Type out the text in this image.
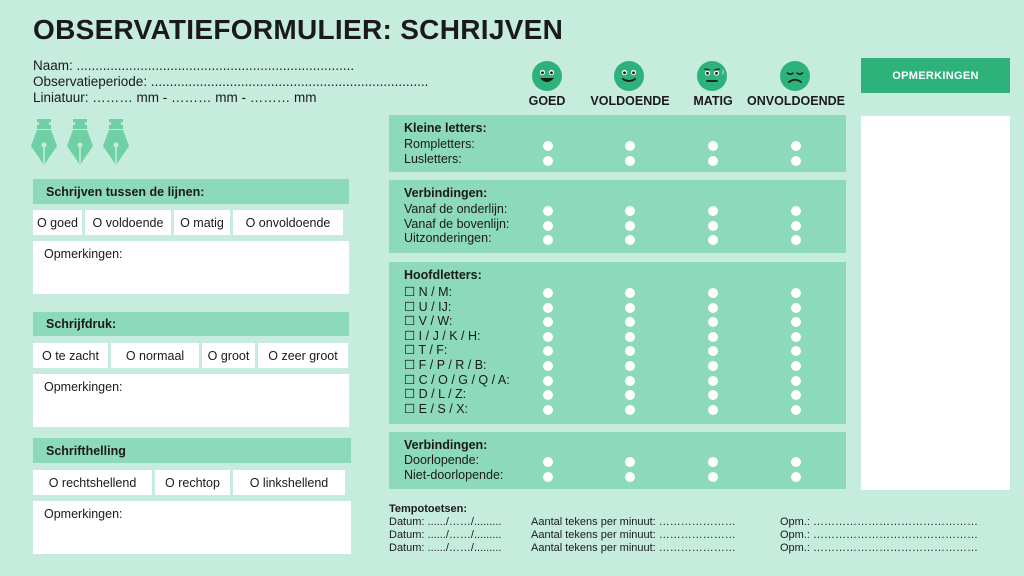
OBSERVATIEFORMULIER: SCHRIJVEN
Naam: ..........................................................................
Observatieperiode: ..........................................................................
Liniatuur: ……… mm - ……… mm - ……… mm
Schrijven tussen de lijnen:
O goed	O voldoende	O matig	O onvoldoende
Opmerkingen:
Schrijfdruk:
O te zacht	O normaal	O groot	O zeer groot
Opmerkingen:
Schrifthelling
O rechtshellend	O rechtop	O linkshellend
Opmerkingen:
GOED	VOLDOENDE	MATIG	ONVOLDOENDE
Kleine letters:
Rompletters:
Lusletters:
Verbindingen:
Vanaf de onderlijn:
Vanaf de bovenlijn:
Uitzonderingen:
Hoofdletters:
☐ N / M:
☐ U / IJ:
☐ V / W:
☐ I / J / K / H:
☐ T / F:
☐ F / P / R / B:
☐ C / O / G / Q / A:
☐ D / L / Z:
☐ E / S / X:
Verbindingen:
Doorlopende:
Niet-doorlopende:
OPMERKINGEN
Tempotoetsen:
Datum: ....../……/.........	Aantal tekens per minuut: …………………	Opm.: ………………………………………
Datum: ....../……/.........	Aantal tekens per minuut: …………………	Opm.: ………………………………………
Datum: ....../……/.........	Aantal tekens per minuut: …………………	Opm.: ………………………………………
